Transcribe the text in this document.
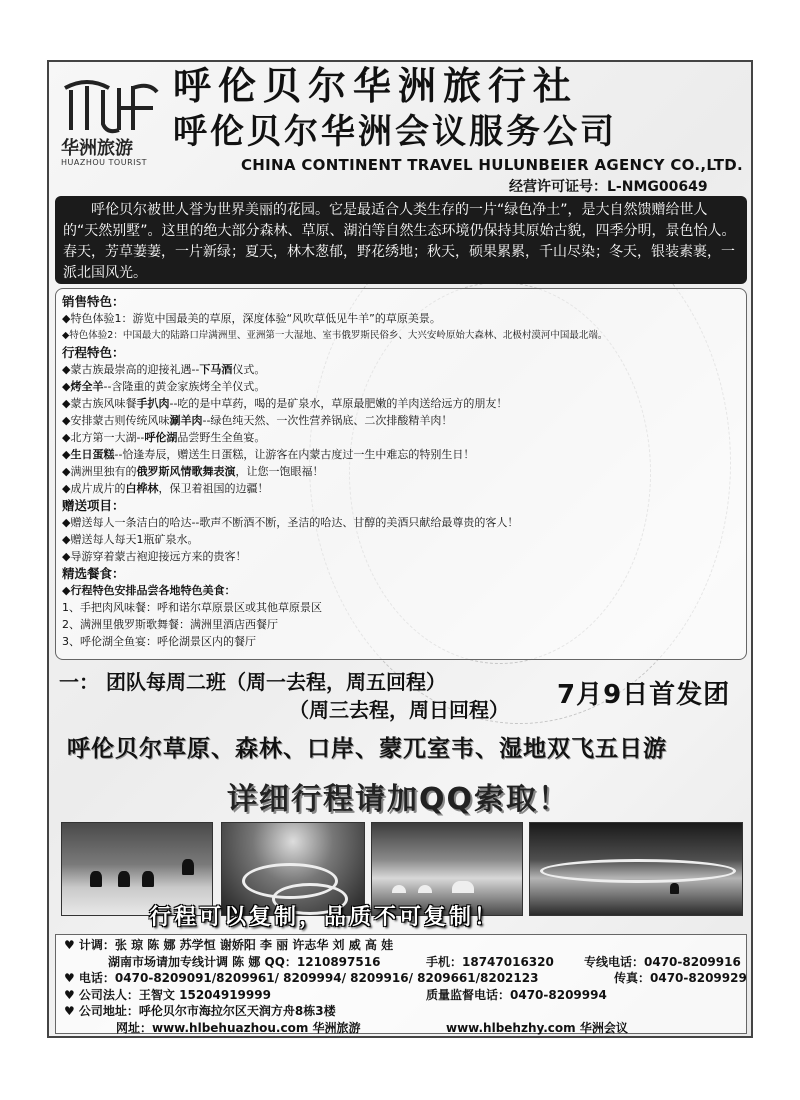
华洲旅游
HUAZHOU TOURIST
呼伦贝尔华洲旅行社
呼伦贝尔华洲会议服务公司
CHINA CONTINENT TRAVEL HULUNBEIER AGENCY CO.,LTD.
经营许可证号：L-NMG00649
呼伦贝尔被世人誉为世界美丽的花园。它是最适合人类生存的一片“绿色净土”，是大自然馈赠给世人的“天然别墅”。这里的绝大部分森林、草原、湖泊等自然生态环境仍保持其原始古貌，四季分明，景色怡人。春天，芳草萋萋，一片新绿；夏天，林木葱郁，野花绣地；秋天，硕果累累，千山尽染；冬天，银装素裹，一派北国风光。
销售特色：
◆特色体验1：游览中国最美的草原，深度体验“风吹草低见牛羊”的草原美景。
◆特色体验2：中国最大的陆路口岸满洲里、亚洲第一大湿地、室韦俄罗斯民俗乡、大兴安岭原始大森林、北极村漠河中国最北端。
行程特色：
◆蒙古族最崇高的迎接礼遇--下马酒仪式。
◆烤全羊--含隆重的黄金家族烤全羊仪式。
◆蒙古族风味餐手扒肉--吃的是中草药，喝的是矿泉水，草原最肥嫩的羊肉送给远方的朋友！
◆安排蒙古则传统风味涮羊肉--绿色纯天然、一次性营养锅底、二次排酸精羊肉！
◆北方第一大湖--呼伦湖品尝野生全鱼宴。
◆生日蛋糕--恰逢寿辰，赠送生日蛋糕，让游客在内蒙古度过一生中难忘的特别生日！
◆满洲里独有的俄罗斯风情歌舞表演，让您一饱眼福！
◆成片成片的白桦林，保卫着祖国的边疆！
赠送项目：
◆赠送每人一条洁白的哈达--歌声不断酒不断，圣洁的哈达、甘醇的美酒只献给最尊贵的客人！
◆赠送每人每天1瓶矿泉水。
◆导游穿着蒙古袍迎接远方来的贵客！
精选餐食：
◆行程特色安排品尝各地特色美食：
1、手把肉风味餐：呼和诺尔草原景区或其他草原景区
2、满洲里俄罗斯歌舞餐：满洲里酒店西餐厅
3、呼伦湖全鱼宴：呼伦湖景区内的餐厅
一： 团队每周二班（周一去程，周五回程）
（周三去程，周日回程） 7月9日首发团
呼伦贝尔草原、森林、口岸、蒙兀室韦、湿地双飞五日游
详细行程请加QQ索取！
行程可以复制，品质不可复制！
♥ 计调：张 琼 陈 娜 苏学恒 谢娇阳 李 丽 许志华 刘 威 高 娃
湖南市场请加专线计调 陈 娜 QQ：1210897516	手机：18747016320	专线电话：0470-8209916
♥ 电话：0470-8209091/8209961/ 8209994/ 8209916/ 8209661/8202123	传真：0470-8209929
♥ 公司法人：王智文 15204919999	质量监督电话：0470-8209994
♥ 公司地址：呼伦贝尔市海拉尔区天润方舟8栋3楼
网址：www.hlbehuazhou.com 华洲旅游	www.hlbehzhy.com 华洲会议
